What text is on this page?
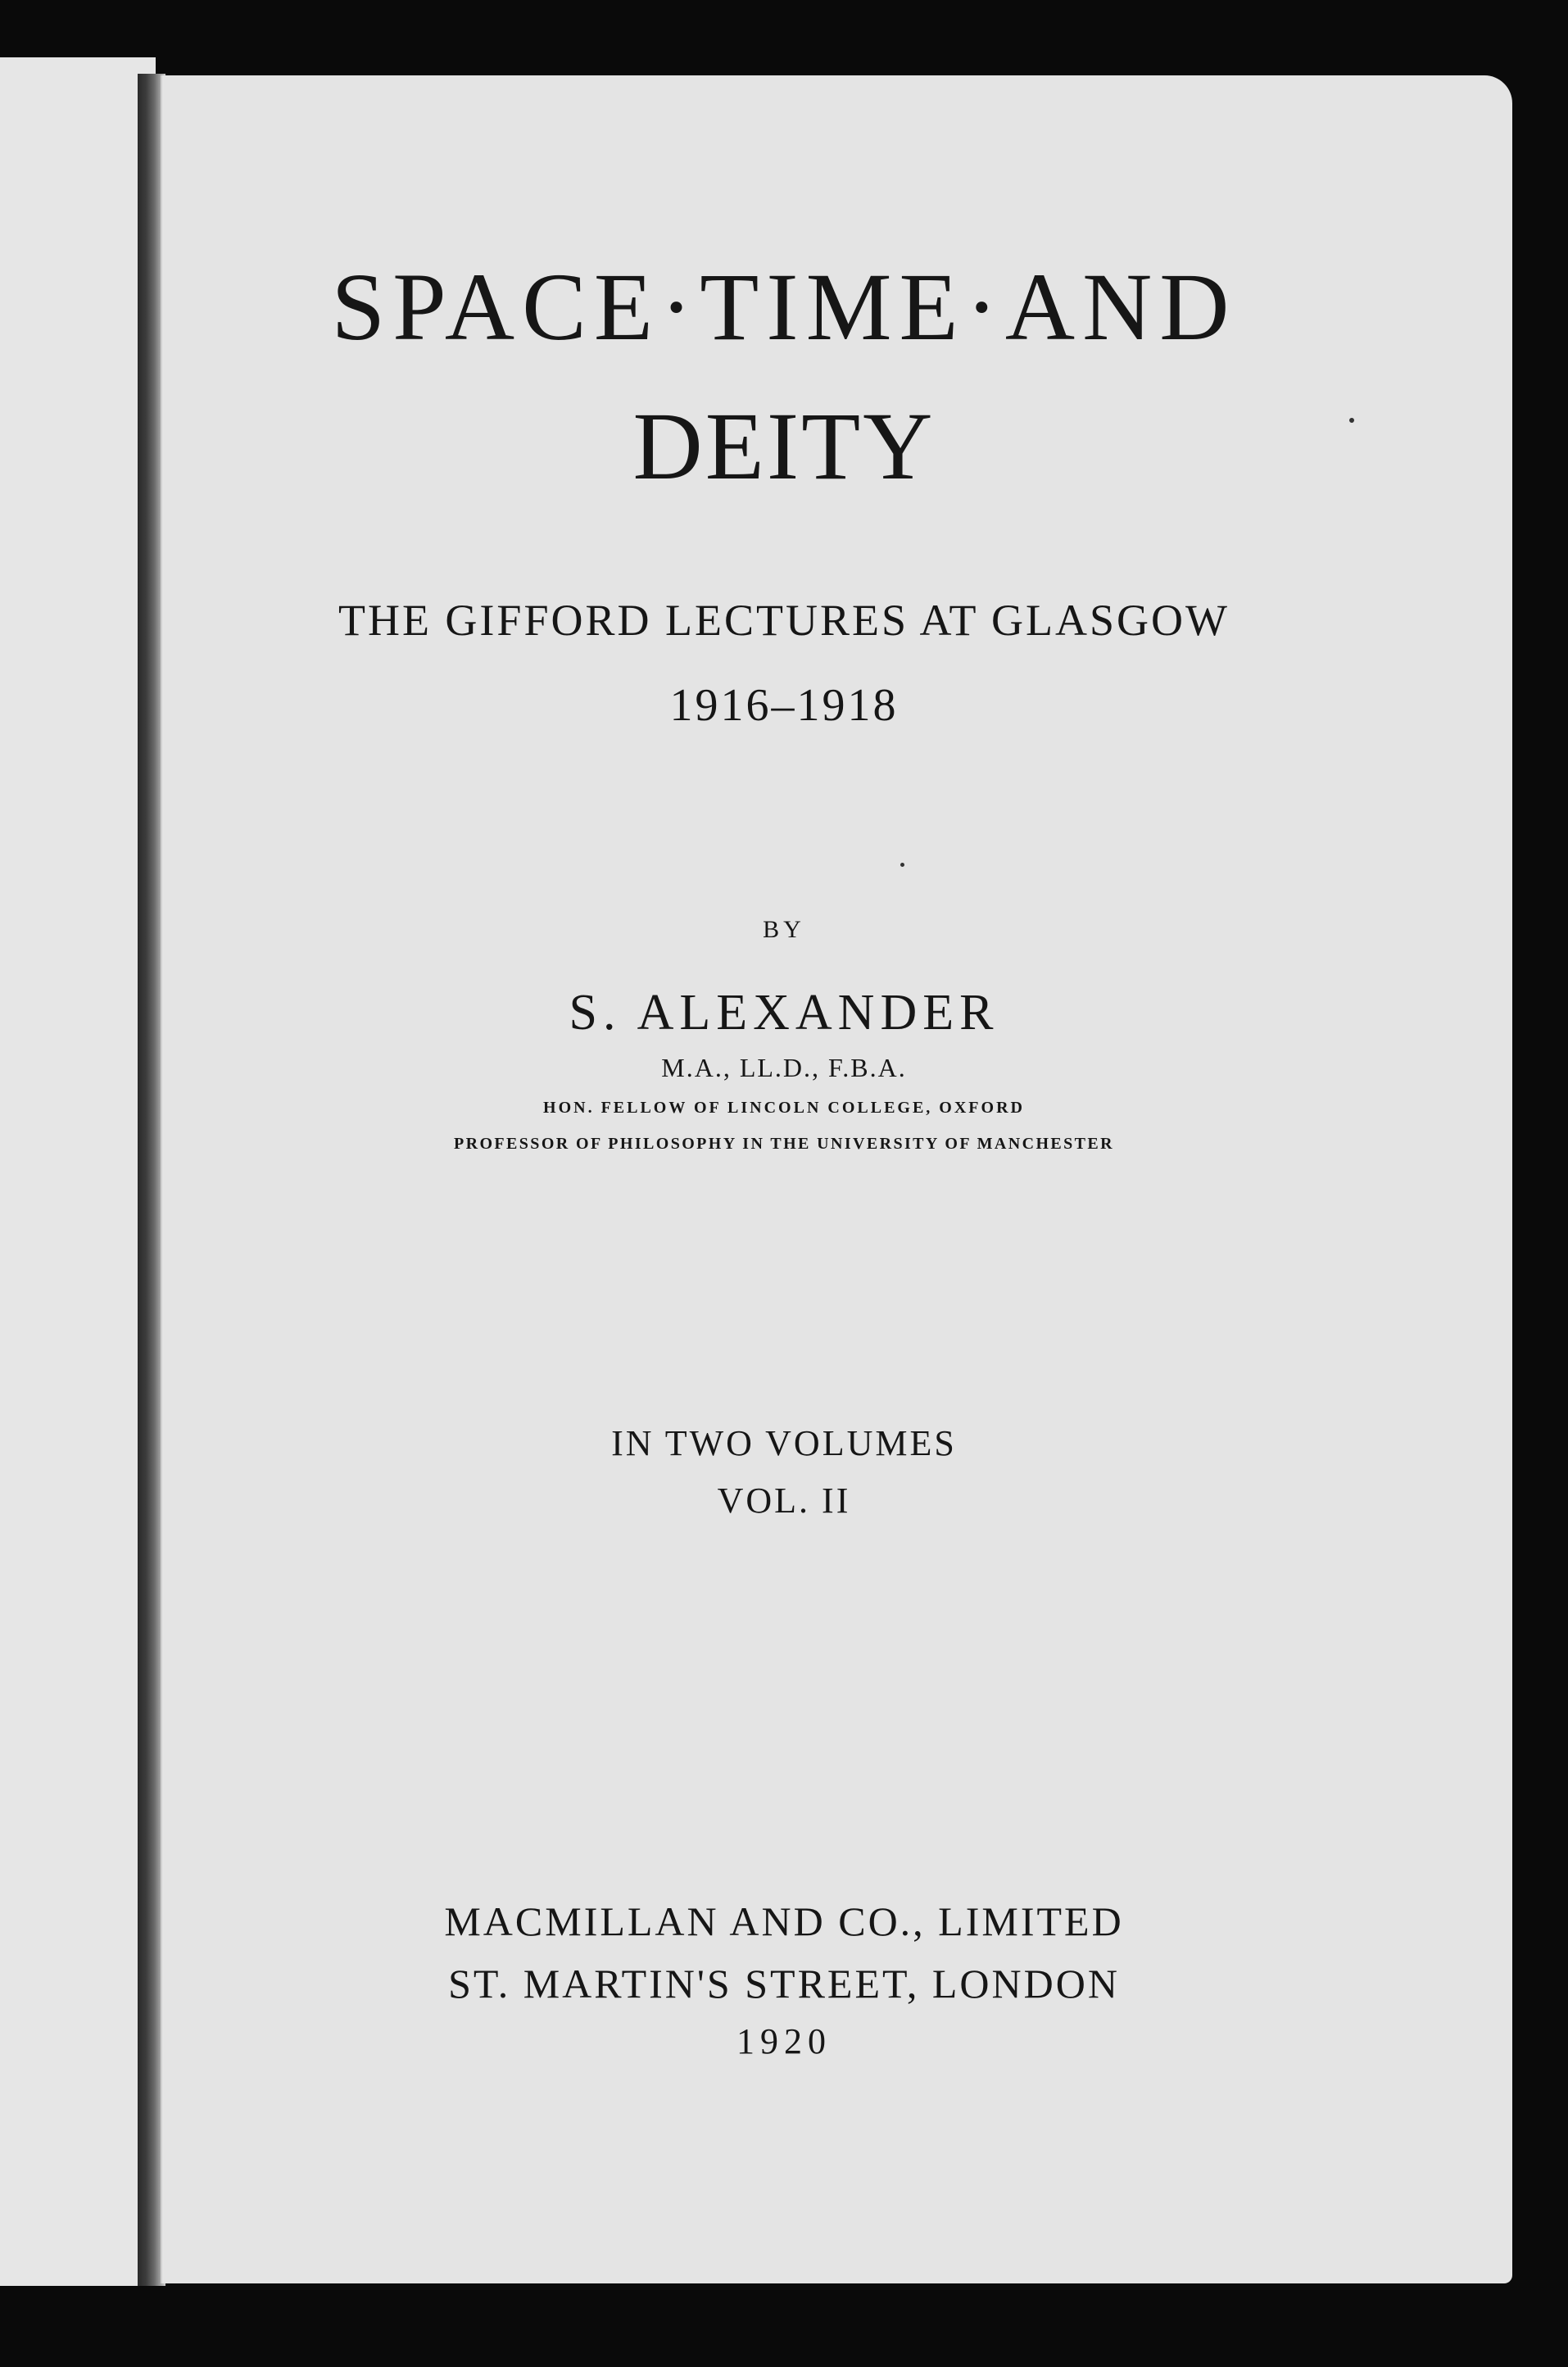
SPACE·TIME·AND
DEITY
THE GIFFORD LECTURES AT GLASGOW
1916–1918
BY
S. ALEXANDER
M.A., LL.D., F.B.A.
HON. FELLOW OF LINCOLN COLLEGE, OXFORD
PROFESSOR OF PHILOSOPHY IN THE UNIVERSITY OF MANCHESTER
IN TWO VOLUMES
VOL. II
MACMILLAN AND CO., LIMITED
ST. MARTIN'S STREET, LONDON
1920
